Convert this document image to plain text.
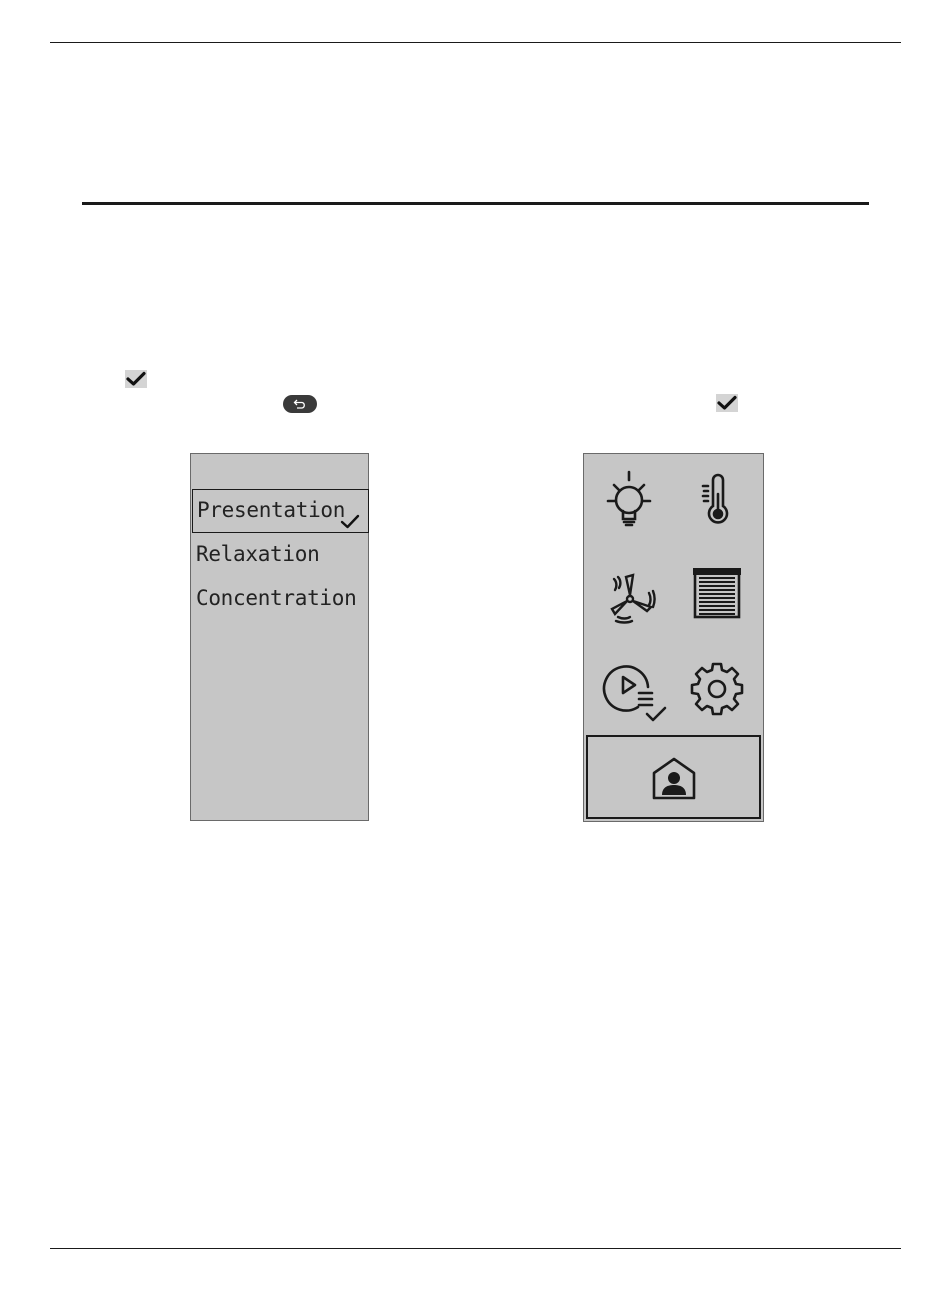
Presentation
Relaxation
Concentration
